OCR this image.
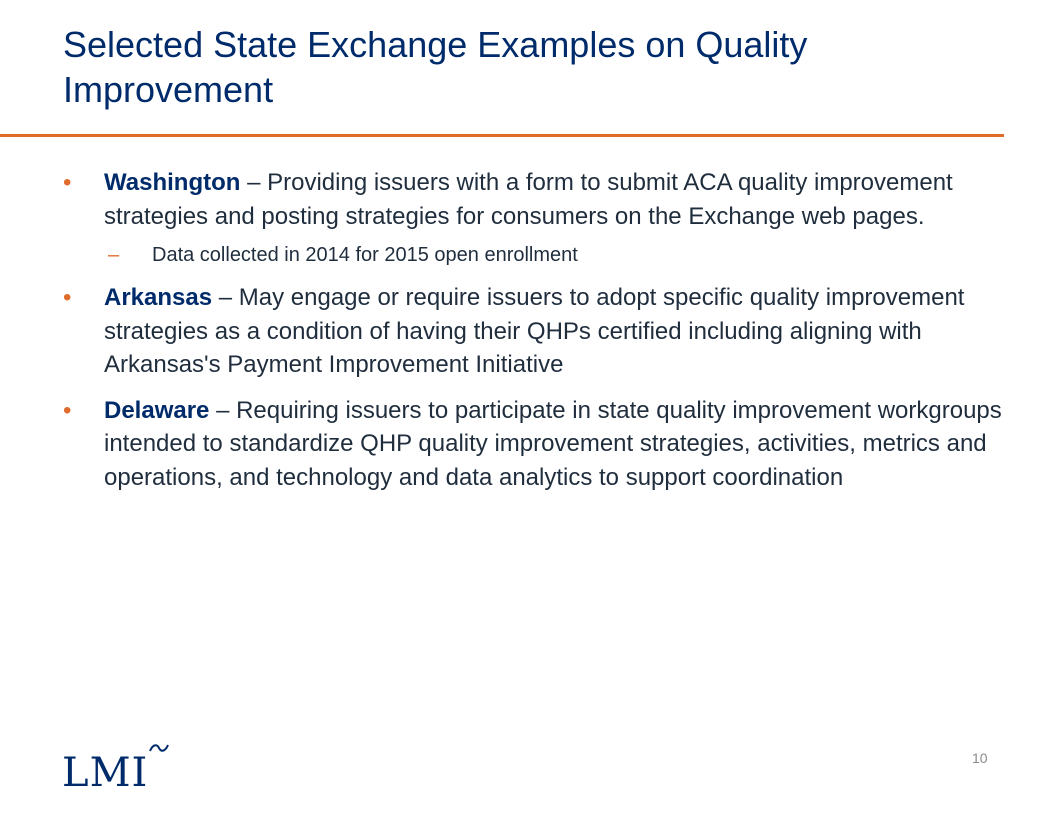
Selected State Exchange Examples on Quality Improvement
• Washington – Providing issuers with a form to submit ACA quality improvement strategies and posting strategies for consumers on the Exchange web pages.
– Data collected in 2014 for 2015 open enrollment
• Arkansas – May engage or require issuers to adopt specific quality improvement strategies as a condition of having their QHPs certified including aligning with Arkansas's Payment Improvement Initiative
• Delaware – Requiring issuers to participate in state quality improvement workgroups intended to standardize QHP quality improvement strategies, activities, metrics and operations, and technology and data analytics to support coordination
LMI	10
